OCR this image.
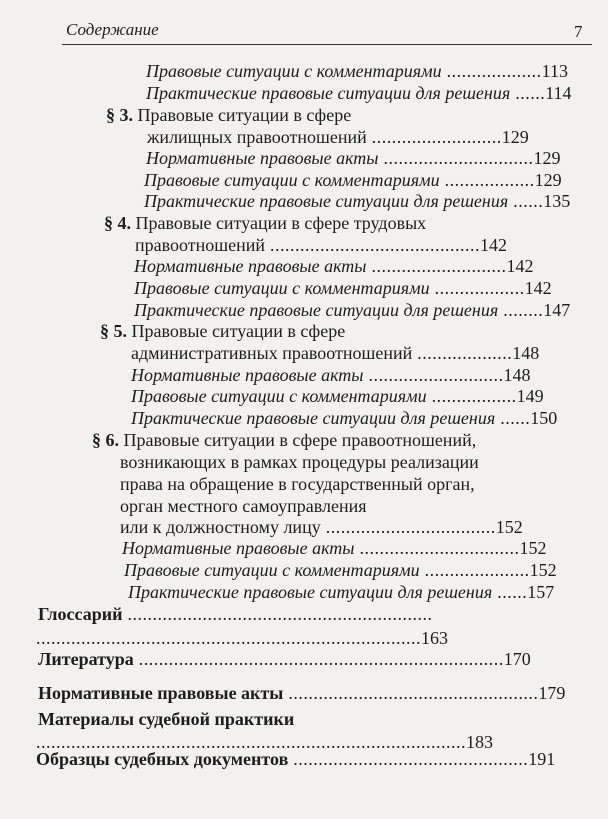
Содержание	7
Правовые ситуации с комментариями ...................113
Практические правовые ситуации для решения ......114
§ 3. Правовые ситуации в сфере
жилищных правоотношений ..........................129
Нормативные правовые акты ..............................129
Правовые ситуации с комментариями ..................129
Практические правовые ситуации для решения ......135
§ 4. Правовые ситуации в сфере трудовых
правоотношений ..........................................142
Нормативные правовые акты ...........................142
Правовые ситуации с комментариями ..................142
Практические правовые ситуации для решения ........147
§ 5. Правовые ситуации в сфере
административных правоотношений ...................148
Нормативные правовые акты ...........................148
Правовые ситуации с комментариями .................149
Практические правовые ситуации для решения ......150
§ 6. Правовые ситуации в сфере правоотношений,
возникающих в рамках процедуры реализации
права на обращение в государственный орган,
орган местного самоуправления
или к должностному лицу ..................................152
Нормативные правовые акты ................................152
Правовые ситуации с комментариями .....................152
Практические правовые ситуации для решения ......157
Глоссарий .............................................................
.............................................................................163
Литература .........................................................................170
Нормативные правовые акты ..................................................179
Материалы судебной практики
......................................................................................183
Образцы судебных документов ...............................................191
